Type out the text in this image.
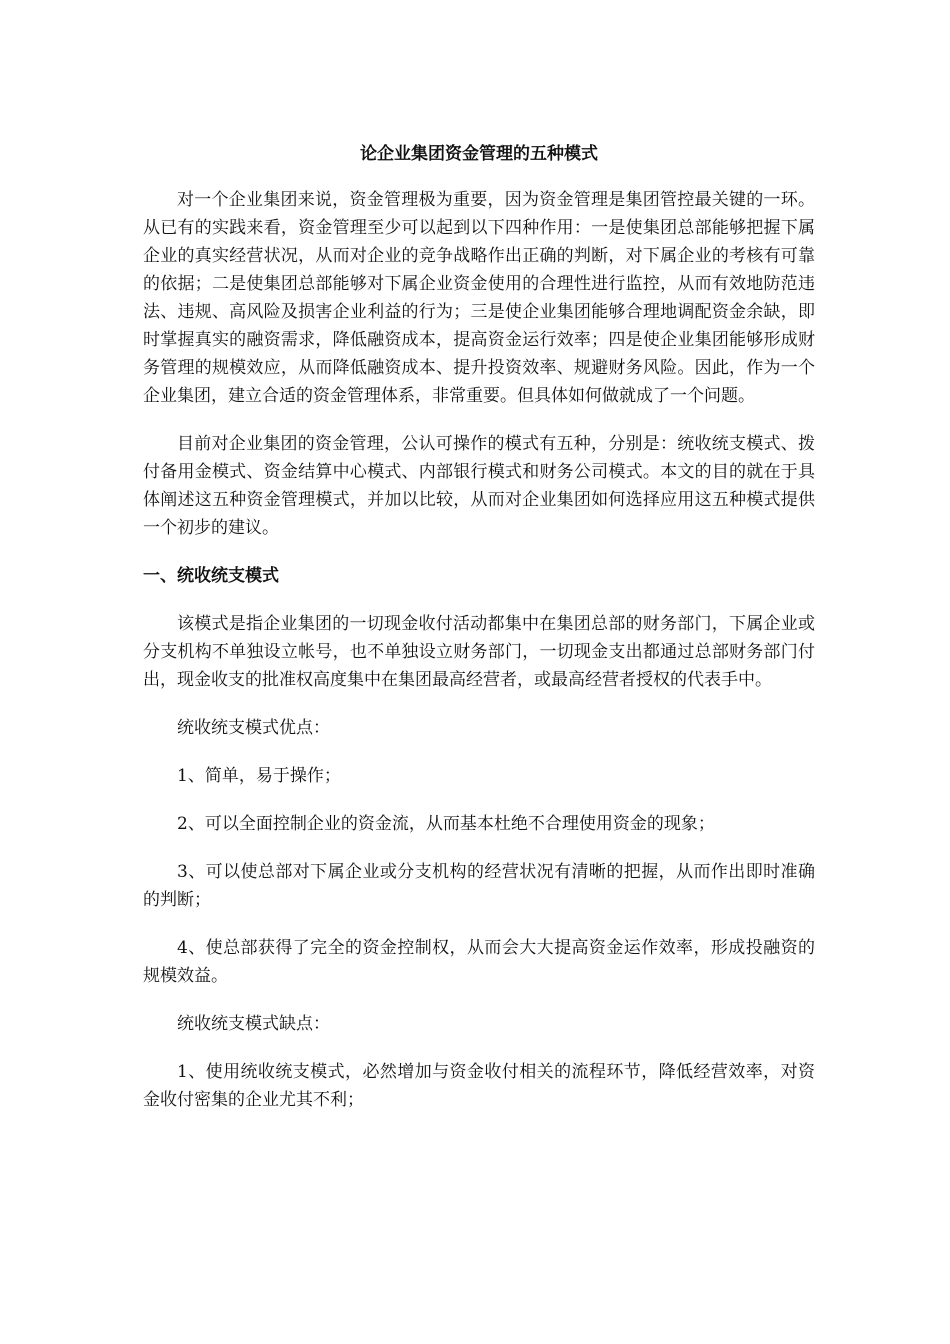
论企业集团资金管理的五种模式

对一个企业集团来说，资金管理极为重要，因为资金管理是集团管控最关键的一环。从已有的实践来看，资金管理至少可以起到以下四种作用：一是使集团总部能够把握下属企业的真实经营状况，从而对企业的竞争战略作出正确的判断，对下属企业的考核有可靠的依据；二是使集团总部能够对下属企业资金使用的合理性进行监控，从而有效地防范违法、违规、高风险及损害企业利益的行为；三是使企业集团能够合理地调配资金余缺，即时掌握真实的融资需求，降低融资成本，提高资金运行效率；四是使企业集团能够形成财务管理的规模效应，从而降低融资成本、提升投资效率、规避财务风险。因此，作为一个企业集团，建立合适的资金管理体系，非常重要。但具体如何做就成了一个问题。

目前对企业集团的资金管理，公认可操作的模式有五种，分别是：统收统支模式、拨付备用金模式、资金结算中心模式、内部银行模式和财务公司模式。本文的目的就在于具体阐述这五种资金管理模式，并加以比较，从而对企业集团如何选择应用这五种模式提供一个初步的建议。

一、统收统支模式

该模式是指企业集团的一切现金收付活动都集中在集团总部的财务部门，下属企业或分支机构不单独设立帐号，也不单独设立财务部门，一切现金支出都通过总部财务部门付出，现金收支的批准权高度集中在集团最高经营者，或最高经营者授权的代表手中。

统收统支模式优点：

1、简单，易于操作；

2、可以全面控制企业的资金流，从而基本杜绝不合理使用资金的现象；

3、可以使总部对下属企业或分支机构的经营状况有清晰的把握，从而作出即时准确的判断；

4、使总部获得了完全的资金控制权，从而会大大提高资金运作效率，形成投融资的规模效益。

统收统支模式缺点：

1、使用统收统支模式，必然增加与资金收付相关的流程环节，降低经营效率，对资金收付密集的企业尤其不利；
